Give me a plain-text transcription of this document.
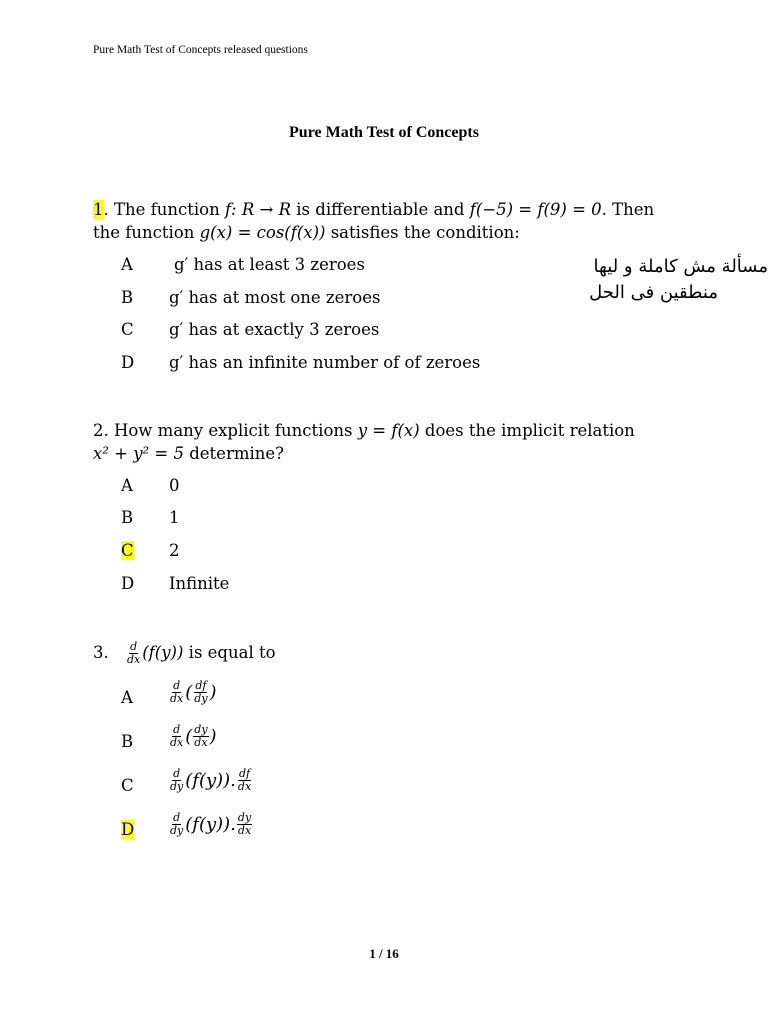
Pure Math Test of Concepts released questions
Pure Math Test of Concepts
1. The function f: R → R is differentiable and f(−5) = f(9) = 0. Then
the function g(x) = cos(f(x)) satisfies the condition:
A g′ has at least 3 zeroes
B g′ has at most one zeroes
C g′ has at exactly 3 zeroes
D g′ has an infinite number of of zeroes
مسألة مش كاملة و ليها
منطقين فى الحل
2. How many explicit functions y = f(x) does the implicit relation
x² + y² = 5 determine?
A 0
B 1
C 2
D Infinite
3. $\frac{d}{dx} (f(y))$ is equal to
A	$\frac{d}{dx}$ ( $\frac{df}{dy}$ )
B	$\frac{d}{dx}$ ( $\frac{dy}{dx}$ )
C	$\frac{d}{dy} (f(y))$. $\frac{df}{dx}$
D	$\frac{d}{dy} (f(y))$. $\frac{dy}{dx}$
1 / 16
